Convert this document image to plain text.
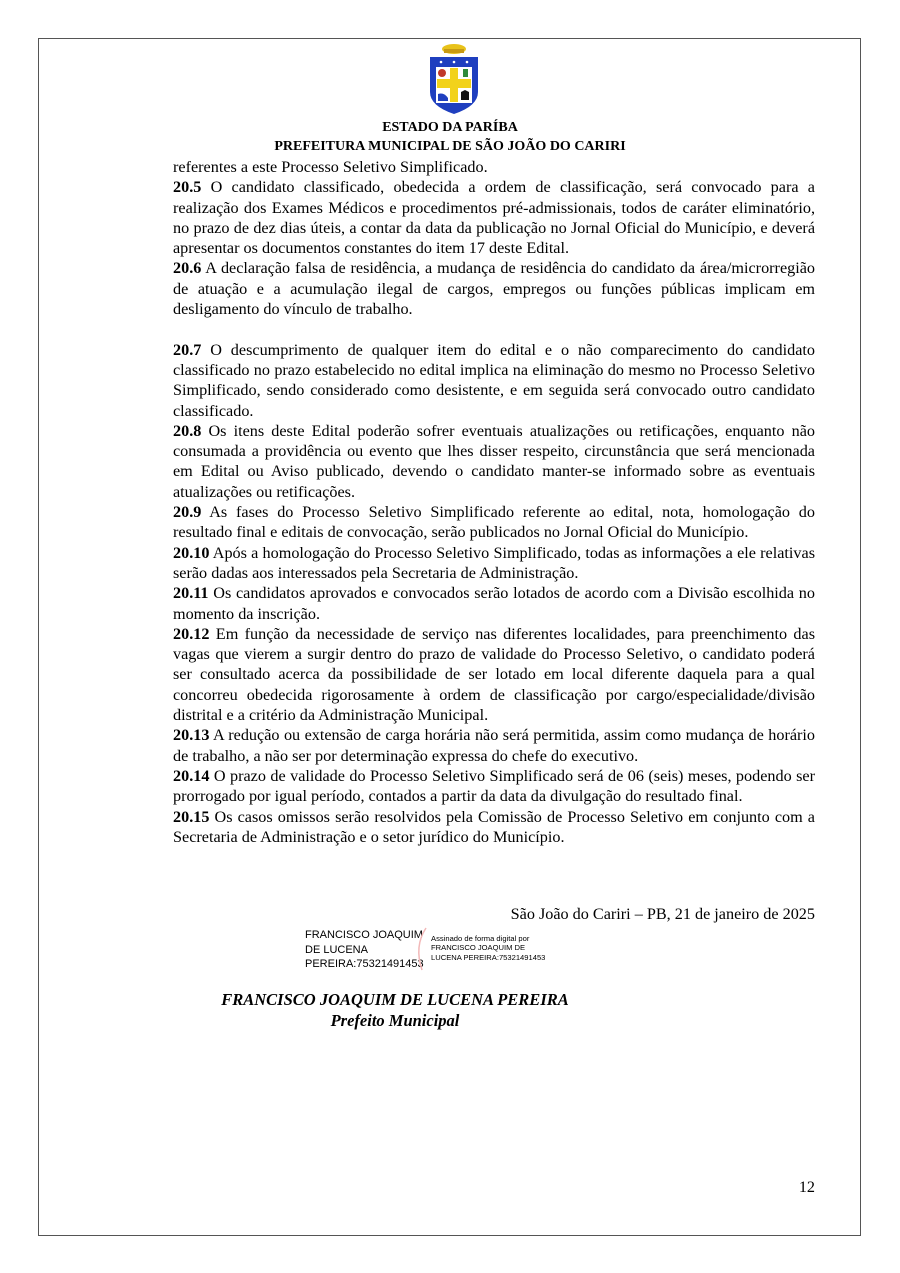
ESTADO DA PARÍBA
PREFEITURA MUNICIPAL DE SÃO JOÃO DO CARIRI

referentes a este Processo Seletivo Simplificado.

20.5 O candidato classificado, obedecida a ordem de classificação, será convocado para a realização dos Exames Médicos e procedimentos pré-admissionais, todos de caráter eliminatório, no prazo de dez dias úteis, a contar da data da publicação no Jornal Oficial do Município, e deverá apresentar os documentos constantes do item 17 deste Edital.

20.6 A declaração falsa de residência, a mudança de residência do candidato da área/microrregião de atuação e a acumulação ilegal de cargos, empregos ou funções públicas implicam em desligamento do vínculo de trabalho.

20.7 O descumprimento de qualquer item do edital e o não comparecimento do candidato classificado no prazo estabelecido no edital implica na eliminação do mesmo no Processo Seletivo Simplificado, sendo considerado como desistente, e em seguida será convocado outro candidato classificado.

20.8 Os itens deste Edital poderão sofrer eventuais atualizações ou retificações, enquanto não consumada a providência ou evento que lhes disser respeito, circunstância que será mencionada em Edital ou Aviso publicado, devendo o candidato manter-se informado sobre as eventuais atualizações ou retificações.

20.9 As fases do Processo Seletivo Simplificado referente ao edital, nota, homologação do resultado final e editais de convocação, serão publicados no Jornal Oficial do Município.

20.10 Após a homologação do Processo Seletivo Simplificado, todas as informações a ele relativas serão dadas aos interessados pela Secretaria de Administração.

20.11 Os candidatos aprovados e convocados serão lotados de acordo com a Divisão escolhida no momento da inscrição.

20.12 Em função da necessidade de serviço nas diferentes localidades, para preenchimento das vagas que vierem a surgir dentro do prazo de validade do Processo Seletivo, o candidato poderá ser consultado acerca da possibilidade de ser lotado em local diferente daquela para a qual concorreu obedecida rigorosamente à ordem de classificação por cargo/especialidade/divisão distrital e a critério da Administração Municipal.

20.13 A redução ou extensão de carga horária não será permitida, assim como mudança de horário de trabalho, a não ser por determinação expressa do chefe do executivo.

20.14 O prazo de validade do Processo Seletivo Simplificado será de 06 (seis) meses, podendo ser prorrogado por igual período, contados a partir da data da divulgação do resultado final.

20.15 Os casos omissos serão resolvidos pela Comissão de Processo Seletivo em conjunto com a Secretaria de Administração e o setor jurídico do Município.

São João do Cariri – PB, 21 de janeiro de 2025
FRANCISCO JOAQUIM
DE LUCENA
PEREIRA:75321491453
Assinado de forma digital por
FRANCISCO JOAQUIM DE
LUCENA PEREIRA:75321491453
FRANCISCO JOAQUIM DE LUCENA PEREIRA
Prefeito Municipal
12
